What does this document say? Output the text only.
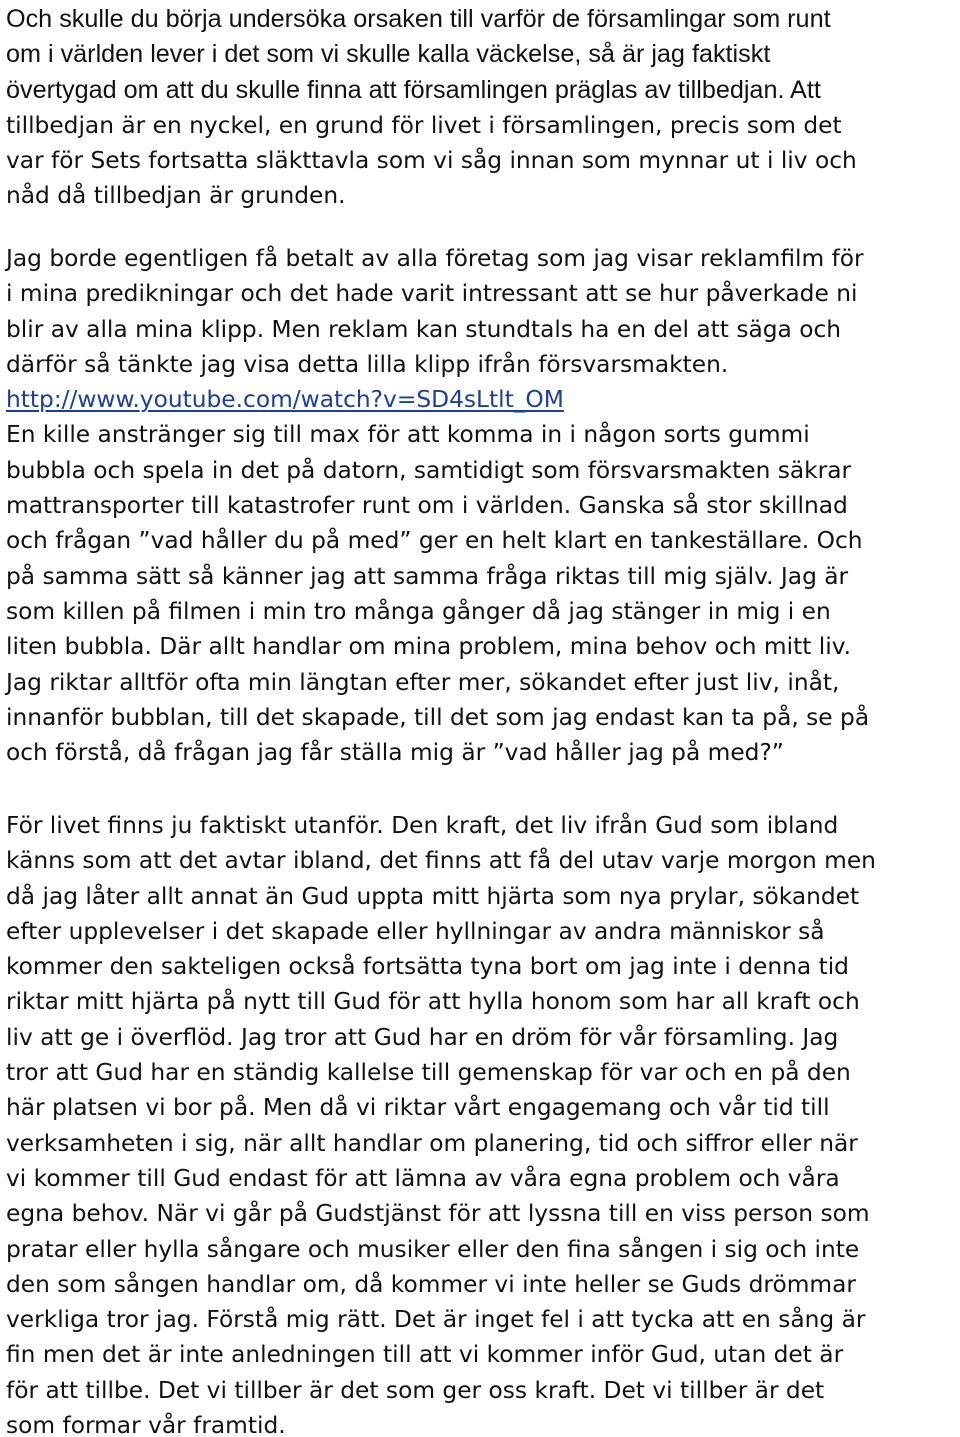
Och skulle du börja undersöka orsaken till varför de församlingar som runt
om i världen lever i det som vi skulle kalla väckelse, så är jag faktiskt
övertygad om att du skulle finna att församlingen präglas av tillbedjan. Att
tillbedjan är en nyckel, en grund för livet i församlingen, precis som det
var för Sets fortsatta släkttavla som vi såg innan som mynnar ut i liv och
nåd då tillbedjan är grunden.
Jag borde egentligen få betalt av alla företag som jag visar reklamfilm för
i mina predikningar och det hade varit intressant att se hur påverkade ni
blir av alla mina klipp. Men reklam kan stundtals ha en del att säga och
därför så tänkte jag visa detta lilla klipp ifrån försvarsmakten.
http://www.youtube.com/watch?v=SD4sLtlt_OM
En kille anstränger sig till max för att komma in i någon sorts gummi
bubbla och spela in det på datorn, samtidigt som försvarsmakten säkrar
mattransporter till katastrofer runt om i världen. Ganska så stor skillnad
och frågan ”vad håller du på med” ger en helt klart en tankeställare. Och
på samma sätt så känner jag att samma fråga riktas till mig själv. Jag är
som killen på filmen i min tro många gånger då jag stänger in mig i en
liten bubbla. Där allt handlar om mina problem, mina behov och mitt liv.
Jag riktar alltför ofta min längtan efter mer, sökandet efter just liv, inåt,
innanför bubblan, till det skapade, till det som jag endast kan ta på, se på
och förstå, då frågan jag får ställa mig är ”vad håller jag på med?”
För livet finns ju faktiskt utanför. Den kraft, det liv ifrån Gud som ibland
känns som att det avtar ibland, det finns att få del utav varje morgon men
då jag låter allt annat än Gud uppta mitt hjärta som nya prylar, sökandet
efter upplevelser i det skapade eller hyllningar av andra människor så
kommer den sakteligen också fortsätta tyna bort om jag inte i denna tid
riktar mitt hjärta på nytt till Gud för att hylla honom som har all kraft och
liv att ge i överflöd. Jag tror att Gud har en dröm för vår församling. Jag
tror att Gud har en ständig kallelse till gemenskap för var och en på den
här platsen vi bor på. Men då vi riktar vårt engagemang och vår tid till
verksamheten i sig, när allt handlar om planering, tid och siffror eller när
vi kommer till Gud endast för att lämna av våra egna problem och våra
egna behov. När vi går på Gudstjänst för att lyssna till en viss person som
pratar eller hylla sångare och musiker eller den fina sången i sig och inte
den som sången handlar om, då kommer vi inte heller se Guds drömmar
verkliga tror jag. Förstå mig rätt. Det är inget fel i att tycka att en sång är
fin men det är inte anledningen till att vi kommer inför Gud, utan det är
för att tillbe. Det vi tillber är det som ger oss kraft. Det vi tillber är det
som formar vår framtid.
